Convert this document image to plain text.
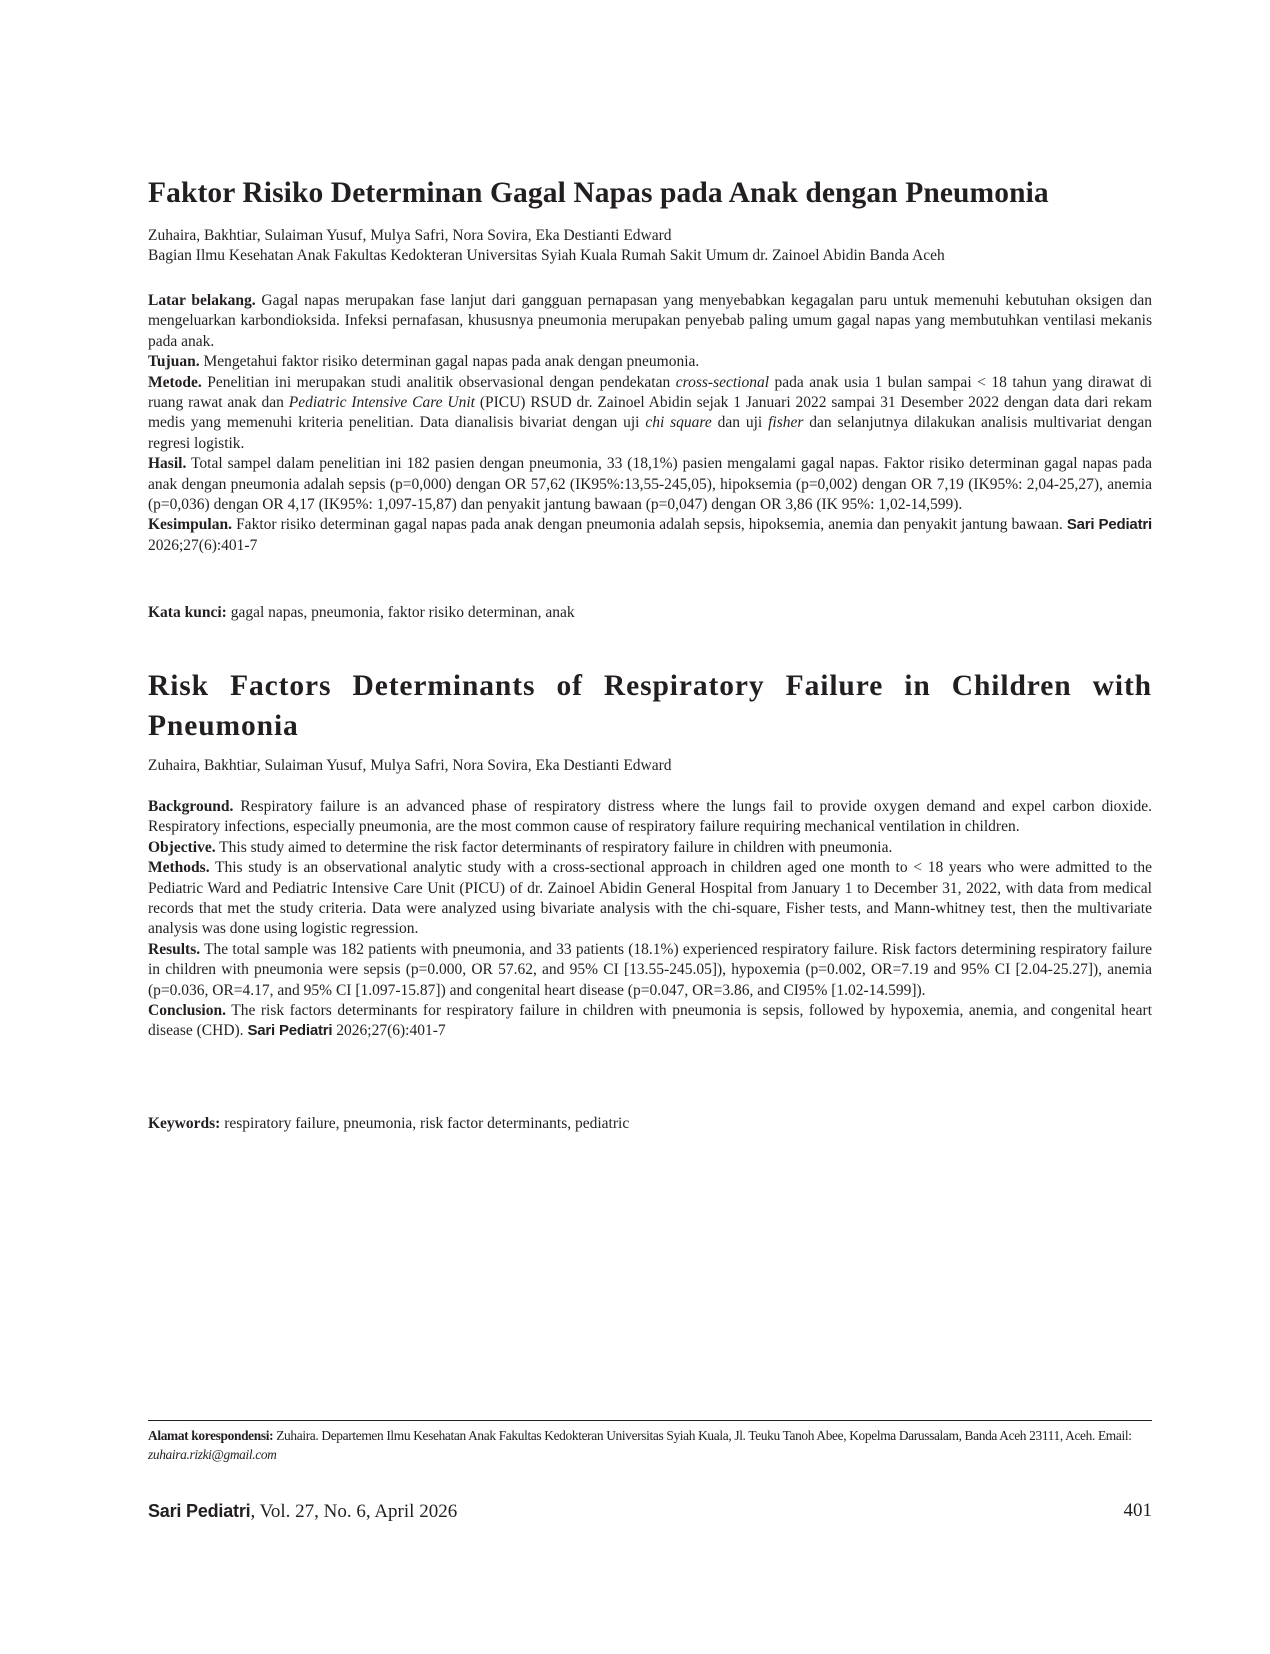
Faktor Risiko Determinan Gagal Napas pada Anak dengan Pneumonia
Zuhaira, Bakhtiar, Sulaiman Yusuf, Mulya Safri, Nora Sovira, Eka Destianti Edward
Bagian Ilmu Kesehatan Anak Fakultas Kedokteran Universitas Syiah Kuala Rumah Sakit Umum dr. Zainoel Abidin Banda Aceh

Latar belakang. Gagal napas merupakan fase lanjut dari gangguan pernapasan yang menyebabkan kegagalan paru untuk memenuhi kebutuhan oksigen dan mengeluarkan karbondioksida. Infeksi pernafasan, khususnya pneumonia merupakan penyebab paling umum gagal napas yang membutuhkan ventilasi mekanis pada anak.

Tujuan. Mengetahui faktor risiko determinan gagal napas pada anak dengan pneumonia.

Metode. Penelitian ini merupakan studi analitik observasional dengan pendekatan cross-sectional pada anak usia 1 bulan sampai < 18 tahun yang dirawat di ruang rawat anak dan Pediatric Intensive Care Unit (PICU) RSUD dr. Zainoel Abidin sejak 1 Januari 2022 sampai 31 Desember 2022 dengan data dari rekam medis yang memenuhi kriteria penelitian. Data dianalisis bivariat dengan uji chi square dan uji fisher dan selanjutnya dilakukan analisis multivariat dengan regresi logistik.

Hasil. Total sampel dalam penelitian ini 182 pasien dengan pneumonia, 33 (18,1%) pasien mengalami gagal napas. Faktor risiko determinan gagal napas pada anak dengan pneumonia adalah sepsis (p=0,000) dengan OR 57,62 (IK95%:13,55-245,05), hipoksemia (p=0,002) dengan OR 7,19 (IK95%: 2,04-25,27), anemia (p=0,036) dengan OR 4,17 (IK95%: 1,097-15,87) dan penyakit jantung bawaan (p=0,047) dengan OR 3,86 (IK 95%: 1,02-14,599).

Kesimpulan. Faktor risiko determinan gagal napas pada anak dengan pneumonia adalah sepsis, hipoksemia, anemia dan penyakit jantung bawaan. Sari Pediatri 2026;27(6):401-7

Kata kunci: gagal napas, pneumonia, faktor risiko determinan, anak
Risk Factors Determinants of Respiratory Failure in Children with Pneumonia
Zuhaira, Bakhtiar, Sulaiman Yusuf, Mulya Safri, Nora Sovira, Eka Destianti Edward

Background. Respiratory failure is an advanced phase of respiratory distress where the lungs fail to provide oxygen demand and expel carbon dioxide. Respiratory infections, especially pneumonia, are the most common cause of respiratory failure requiring mechanical ventilation in children.

Objective. This study aimed to determine the risk factor determinants of respiratory failure in children with pneumonia.

Methods. This study is an observational analytic study with a cross-sectional approach in children aged one month to < 18 years who were admitted to the Pediatric Ward and Pediatric Intensive Care Unit (PICU) of dr. Zainoel Abidin General Hospital from January 1 to December 31, 2022, with data from medical records that met the study criteria. Data were analyzed using bivariate analysis with the chi-square, Fisher tests, and Mann-whitney test, then the multivariate analysis was done using logistic regression.

Results. The total sample was 182 patients with pneumonia, and 33 patients (18.1%) experienced respiratory failure. Risk factors determining respiratory failure in children with pneumonia were sepsis (p=0.000, OR 57.62, and 95% CI [13.55-245.05]), hypoxemia (p=0.002, OR=7.19 and 95% CI [2.04-25.27]), anemia (p=0.036, OR=4.17, and 95% CI [1.097-15.87]) and congenital heart disease (p=0.047, OR=3.86, and CI95% [1.02-14.599]).

Conclusion. The risk factors determinants for respiratory failure in children with pneumonia is sepsis, followed by hypoxemia, anemia, and congenital heart disease (CHD). Sari Pediatri 2026;27(6):401-7

Keywords: respiratory failure, pneumonia, risk factor determinants, pediatric
Alamat korespondensi: Zuhaira. Departemen Ilmu Kesehatan Anak Fakultas Kedokteran Universitas Syiah Kuala, Jl. Teuku Tanoh Abee, Kopelma Darussalam, Banda Aceh 23111, Aceh. Email: zuhaira.rizki@gmail.com
Sari Pediatri, Vol. 27, No. 6, April 2026	401
